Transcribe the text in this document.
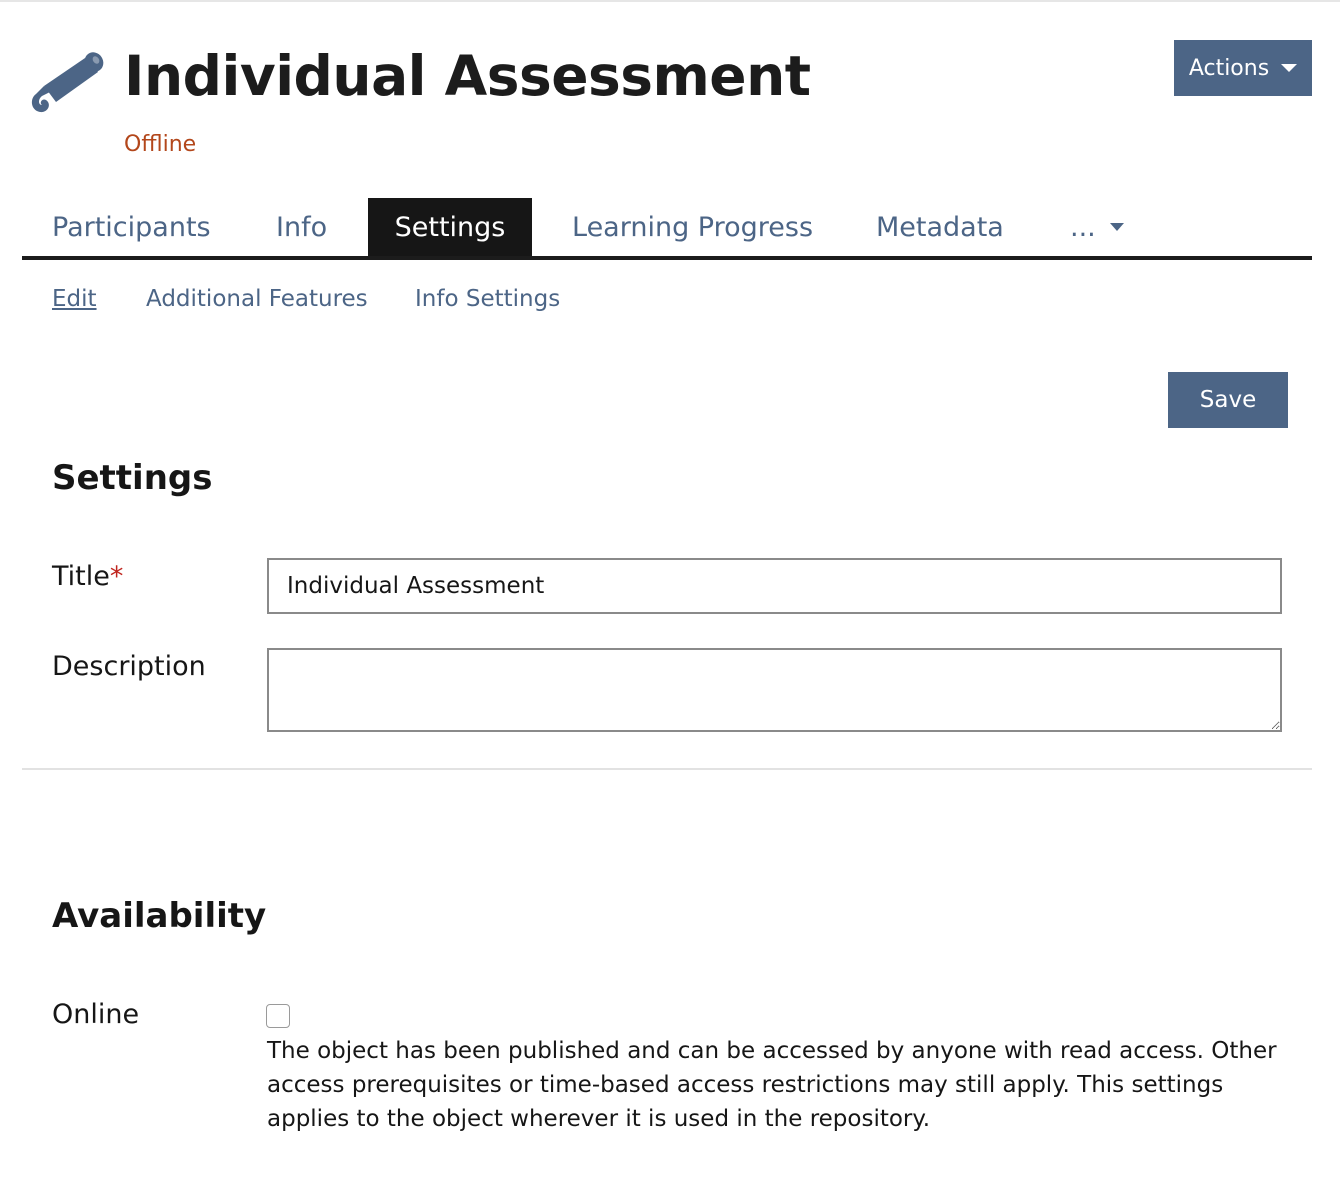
Individual Assessment
Offline
Actions
Participants Info	Settings	Learning Progress Metadata ...
Edit Additional Features Info Settings
Save
Settings
Title*
Individual Assessment
Description
Availability
Online
The object has been published and can be accessed by anyone with read access. Other access prerequisites or time-based access restrictions may still apply. This settings applies to the object wherever it is used in the repository.
